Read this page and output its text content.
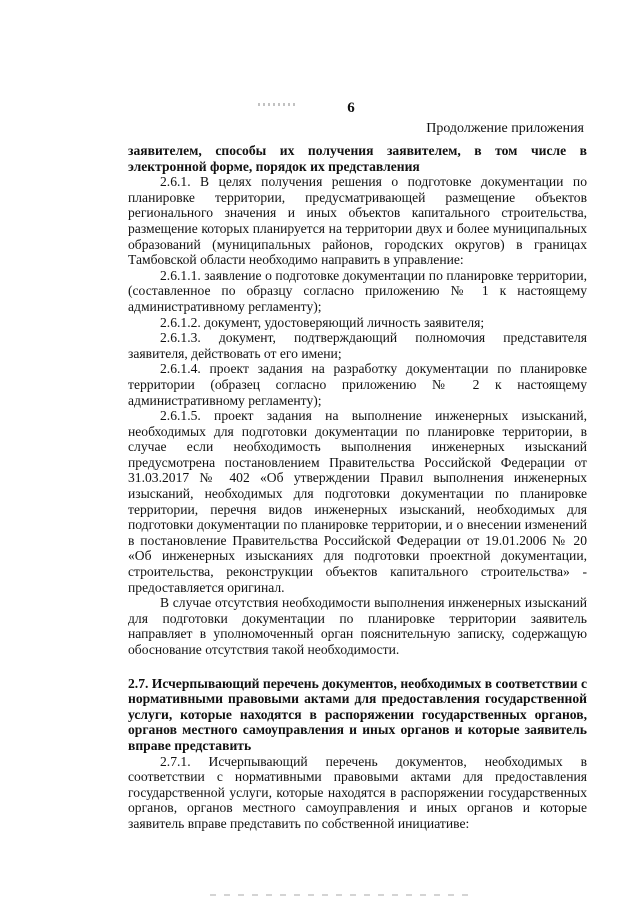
6
Продолжение приложения

заявителем, способы их получения заявителем, в том числе в электронной форме, порядок их представления

2.6.1. В целях получения решения о подготовке документации по планировке территории, предусматривающей размещение объектов регионального значения и иных объектов капитального строительства, размещение которых планируется на территории двух и более муниципальных образований (муниципальных районов, городских округов) в границах Тамбовской области необходимо направить в управление:

2.6.1.1. заявление о подготовке документации по планировке территории, (составленное по образцу согласно приложению № 1 к настоящему административному регламенту);

2.6.1.2. документ, удостоверяющий личность заявителя;

2.6.1.3. документ, подтверждающий полномочия представителя заявителя, действовать от его имени;

2.6.1.4. проект задания на разработку документации по планировке территории (образец согласно приложению № 2 к настоящему административному регламенту);

2.6.1.5. проект задания на выполнение инженерных изысканий, необходимых для подготовки документации по планировке территории, в случае если необходимость выполнения инженерных изысканий предусмотрена постановлением Правительства Российской Федерации от 31.03.2017 № 402 «Об утверждении Правил выполнения инженерных изысканий, необходимых для подготовки документации по планировке территории, перечня видов инженерных изысканий, необходимых для подготовки документации по планировке территории, и о внесении изменений в постановление Правительства Российской Федерации от 19.01.2006 № 20 «Об инженерных изысканиях для подготовки проектной документации, строительства, реконструкции объектов капитального строительства» - предоставляется оригинал.

В случае отсутствия необходимости выполнения инженерных изысканий для подготовки документации по планировке территории заявитель направляет в уполномоченный орган пояснительную записку, содержащую обоснование отсутствия такой необходимости.

2.7. Исчерпывающий перечень документов, необходимых в соответствии с нормативными правовыми актами для предоставления государственной услуги, которые находятся в распоряжении государственных органов, органов местного самоуправления и иных органов и которые заявитель вправе представить

2.7.1. Исчерпывающий перечень документов, необходимых в соответствии с нормативными правовыми актами для предоставления государственной услуги, которые находятся в распоряжении государственных органов, органов местного самоуправления и иных органов и которые заявитель вправе представить по собственной инициативе:
